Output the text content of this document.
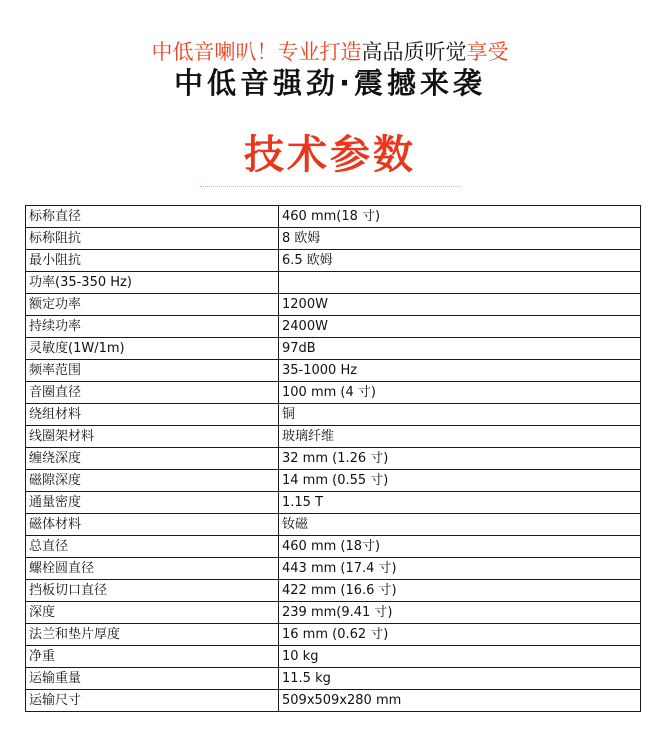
中低音喇叭！专业打造高品质听觉享受
中低音强劲·震撼来袭
技术参数
标称直径	460 mm(18 寸)
标称阻抗	8 欧姆
最小阻抗	6.5 欧姆
功率(35-350 Hz)	
额定功率	1200W
持续功率	2400W
灵敏度(1W/1m)	97dB
频率范围	35-1000 Hz
音圈直径	100 mm (4 寸)
绕组材料	铜
线圈架材料	玻璃纤维
缠绕深度	32 mm (1.26 寸)
磁隙深度	14 mm (0.55 寸)
通量密度	1.15 T
磁体材料	钕磁
总直径	460 mm (18寸)
螺栓圆直径	443 mm (17.4 寸)
挡板切口直径	422 mm (16.6 寸)
深度	239 mm(9.41 寸)
法兰和垫片厚度	16 mm (0.62 寸)
净重	10 kg
运输重量	11.5 kg
运输尺寸	509x509x280 mm
